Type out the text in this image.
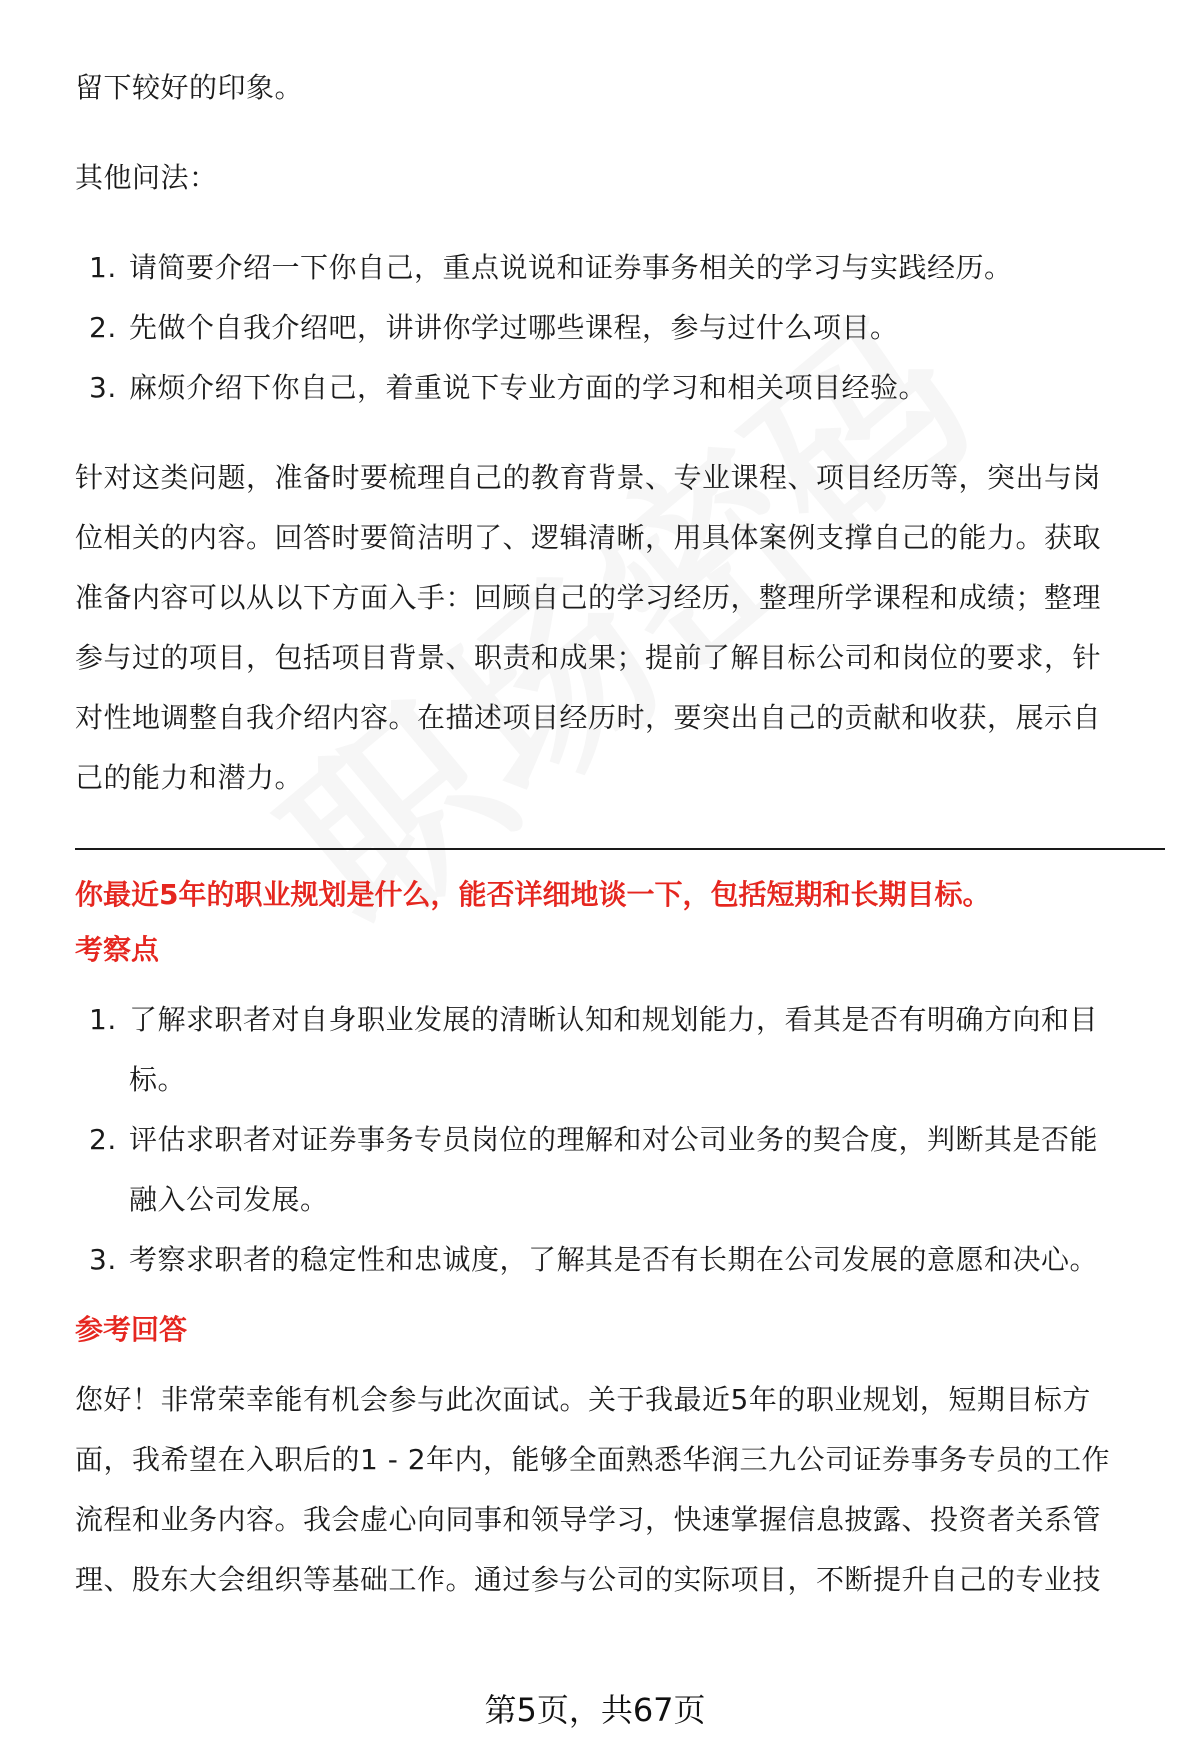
留下较好的印象。

其他问法：

1. 请简要介绍一下你自己，重点说说和证券事务相关的学习与实践经历。
2. 先做个自我介绍吧，讲讲你学过哪些课程，参与过什么项目。
3. 麻烦介绍下你自己，着重说下专业方面的学习和相关项目经验。

针对这类问题，准备时要梳理自己的教育背景、专业课程、项目经历等，突出与岗

位相关的内容。回答时要简洁明了、逻辑清晰，用具体案例支撑自己的能力。获取

准备内容可以从以下方面入手：回顾自己的学习经历，整理所学课程和成绩；整理

参与过的项目，包括项目背景、职责和成果；提前了解目标公司和岗位的要求，针

对性地调整自我介绍内容。在描述项目经历时，要突出自己的贡献和收获，展示自

己的能力和潜力。

你最近5年的职业规划是什么，能否详细地谈一下，包括短期和长期目标。

考察点

1. 了解求职者对自身职业发展的清晰认知和规划能力，看其是否有明确方向和目
标。
2. 评估求职者对证券事务专员岗位的理解和对公司业务的契合度，判断其是否能
融入公司发展。
3. 考察求职者的稳定性和忠诚度，了解其是否有长期在公司发展的意愿和决心。

参考回答

您好！非常荣幸能有机会参与此次面试。关于我最近5年的职业规划，短期目标方

面，我希望在入职后的1 - 2年内，能够全面熟悉华润三九公司证券事务专员的工作

流程和业务内容。我会虚心向同事和领导学习，快速掌握信息披露、投资者关系管

理、股东大会组织等基础工作。通过参与公司的实际项目，不断提升自己的专业技

第5页，共67页
